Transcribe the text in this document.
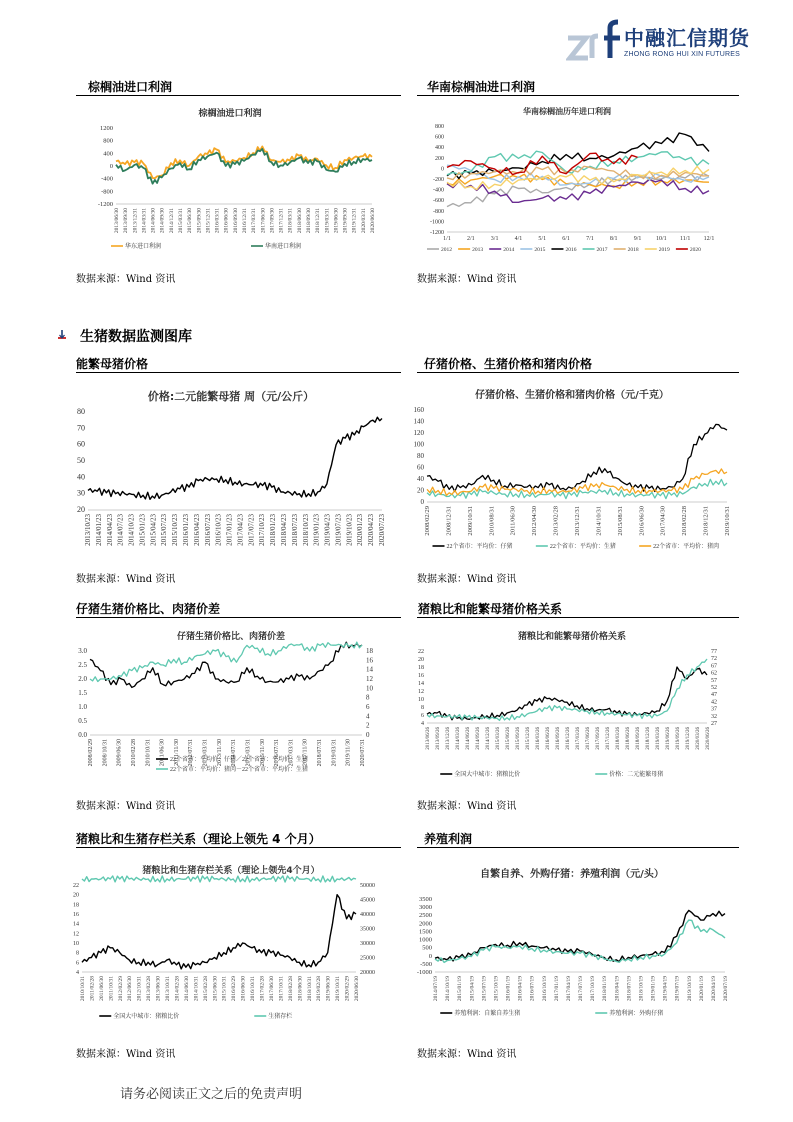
中融汇信期货
ZHONG RONG HUI XIN FUTURES
棕榈油进口利润	华南棕榈油进口利润
棕榈油进口利润
1200
800
400
0
-400
-800
-1200
2013/06/30 2013/09/30 2013/12/31 2014/03/31 2014/06/30 2014/09/30 2014/12/31 2015/03/31 2015/06/30 2015/09/30 2015/12/31 2016/03/31 2016/06/30 2016/09/30 2016/12/31 2017/03/31 2017/06/30 2017/09/30 2017/12/31 2018/03/31 2018/06/30 2018/09/30 2018/12/31 2019/03/31 2019/06/30 2019/09/30 2019/12/31 2020/03/31 2020/06/30
华东进口利润	华南进口利润
华南棕榈油历年进口利润
800
600
400
200
0
-200
-400
-600
-800
-1000
-1200
1/1	2/1	3/1	4/1	5/1	6/1	7/1	8/1	9/1 10/1 11/1 12/1
2012	2013	2014	2015	2016	2017	2018	2019	2020
数据来源：Wind 资讯	数据来源：Wind 资讯
生猪数据监测图库
能繁母猪价格	仔猪价格、生猪价格和猪肉价格
价格:二元能繁母猪 周（元/公斤）
80
70
60
50
40
30
20
2013/10/23 2014/01/23 2014/04/23 2014/07/23 2014/10/23 2015/01/23 2015/04/23 2015/07/23 2015/10/23 2016/01/23 2016/04/23 2016/07/23 2016/10/23 2017/01/23 2017/04/23 2017/07/23 2017/10/23 2018/01/23 2018/04/23 2018/07/23 2018/10/23 2019/01/23 2019/04/23 2019/07/23 2019/10/23 2020/01/23 2020/04/23 2020/07/23
仔猪价格、生猪价格和猪肉价格（元/千克）
160
140
120
100
80
60
40
20
0
2008/02/29 2008/12/31 2009/10/31 2010/08/31 2011/06/30 2012/04/30 2013/02/28 2013/12/31 2014/10/31 2015/08/31 2016/06/30 2017/04/30 2018/02/28 2018/12/31 2019/10/31
22个省市：平均价：仔猪	22个省市：平均价：生猪	22个省市：平均价：猪肉
数据来源：Wind 资讯	数据来源：Wind 资讯
仔猪生猪价格比、肉猪价差	猪粮比和能繁母猪价格关系
仔猪生猪价格比、肉猪价差
3.0
2.5
2.0
1.5
1.0
0.5
0.0
18
16
14
12
10
8
6
4
2
0
2008/02/29 2008/10/31 2009/06/30 2010/02/28 2010/10/31 2011/06/30 2011/11/30 2012/07/31 2013/03/31 2013/11/30 2014/07/31 2015/03/31 2015/11/30 2016/07/31 2017/03/31 2017/11/30 2018/07/31 2019/03/31 2019/11/30 2020/07/31
22个省市：平均价：仔猪／22个省市：平均价：生猪
22个省市：平均价：猪肉－22个省市：平均价：生猪
猪粮比和能繁母猪价格关系
22
20
18
16
14
12
10
8
6
4
77
72
67
62
57
52
47
42
37
32
27
2013/06/26 2013/09/26 2013/12/26 2014/03/26 2014/06/26 2014/09/26 2014/12/26 2015/03/26 2015/06/26 2015/09/26 2015/12/26 2016/03/26 2016/06/26 2016/09/26 2016/12/26 2017/03/26 2017/06/26 2017/09/26 2017/12/26 2018/03/26 2018/06/26 2018/09/26 2018/12/26 2019/03/26 2019/06/26 2019/09/26 2019/12/26 2020/03/26 2020/06/26
全国大中城市：猪粮比价	价格：二元能繁母猪
数据来源：Wind 资讯	数据来源：Wind 资讯
猪粮比和生猪存栏关系（理论上领先 4 个月）	养殖利润
猪粮比和生猪存栏关系（理论上领先4个月）
22
20
18
16
14
12
10
8
6
4
50000
45000
40000
35000
30000
25000
20000
2010/10/31 2011/02/28 2011/06/30 2011/10/31 2012/02/29 2012/06/30 2012/10/31 2013/02/28 2013/06/30 2013/10/31 2014/02/28 2014/06/30 2014/10/31 2015/02/28 2015/06/30 2015/10/31 2016/02/29 2016/06/30 2016/10/31 2017/02/28 2017/06/30 2017/10/31 2018/02/28 2018/06/30 2018/10/31 2019/02/28 2019/06/30 2019/10/31 2020/02/29 2020/06/30
全国大中城市：猪粮比价	生猪存栏
自繁自养、外购仔猪：养殖利润（元/头）
3500
3000
2500
2000
1500
1000
500
0
-500
-1000
2014/07/19 2014/10/19 2015/01/19 2015/04/19 2015/07/19 2015/10/19 2016/01/19 2016/04/19 2016/07/19 2016/10/19 2017/01/19 2017/04/19 2017/07/19 2017/10/19 2018/01/19 2018/04/19 2018/07/19 2018/10/19 2019/01/19 2019/04/19 2019/07/19 2019/10/19 2020/01/19 2020/04/19 2020/07/19
养殖利润：自繁自养生猪	养殖利润：外购仔猪
数据来源：Wind 资讯	数据来源：Wind 资讯
请务必阅读正文之后的免责声明
